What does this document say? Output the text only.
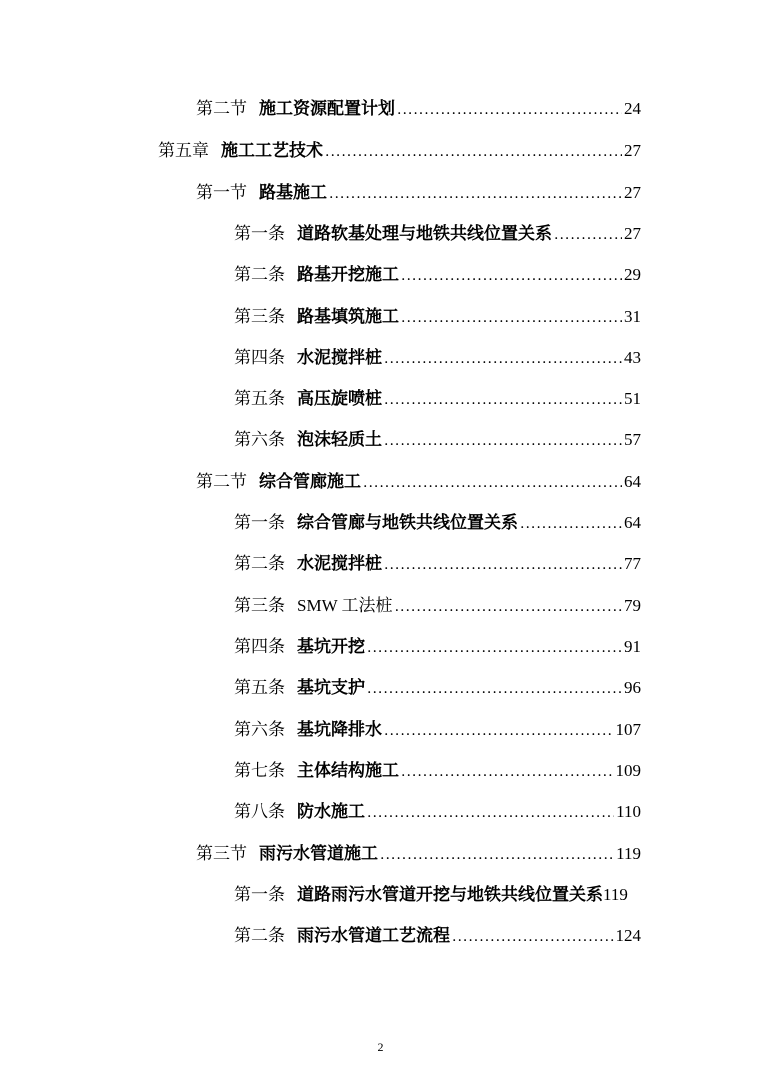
第二节 施工资源配置计划 .....	24
第五章 施工工艺技术 .....	27
第一节 路基施工 .....	27
第一条 道路软基处理与地铁共线位置关系 .....	27
第二条 路基开挖施工 .....	29
第三条 路基填筑施工 .....	31
第四条 水泥搅拌桩 .....	43
第五条 高压旋喷桩 .....	51
第六条 泡沫轻质土 .....	57
第二节 综合管廊施工 .....	64
第一条 综合管廊与地铁共线位置关系 .....	64
第二条 水泥搅拌桩 .....	77
第三条 SMW 工法桩 .....	79
第四条 基坑开挖 .....	91
第五条 基坑支护 .....	96
第六条 基坑降排水 .....	107
第七条 主体结构施工 .....	109
第八条 防水施工 .....	110
第三节 雨污水管道施工 .....	119
第一条 道路雨污水管道开挖与地铁共线位置关系 119
第二条 雨污水管道工艺流程 .....	124
2
